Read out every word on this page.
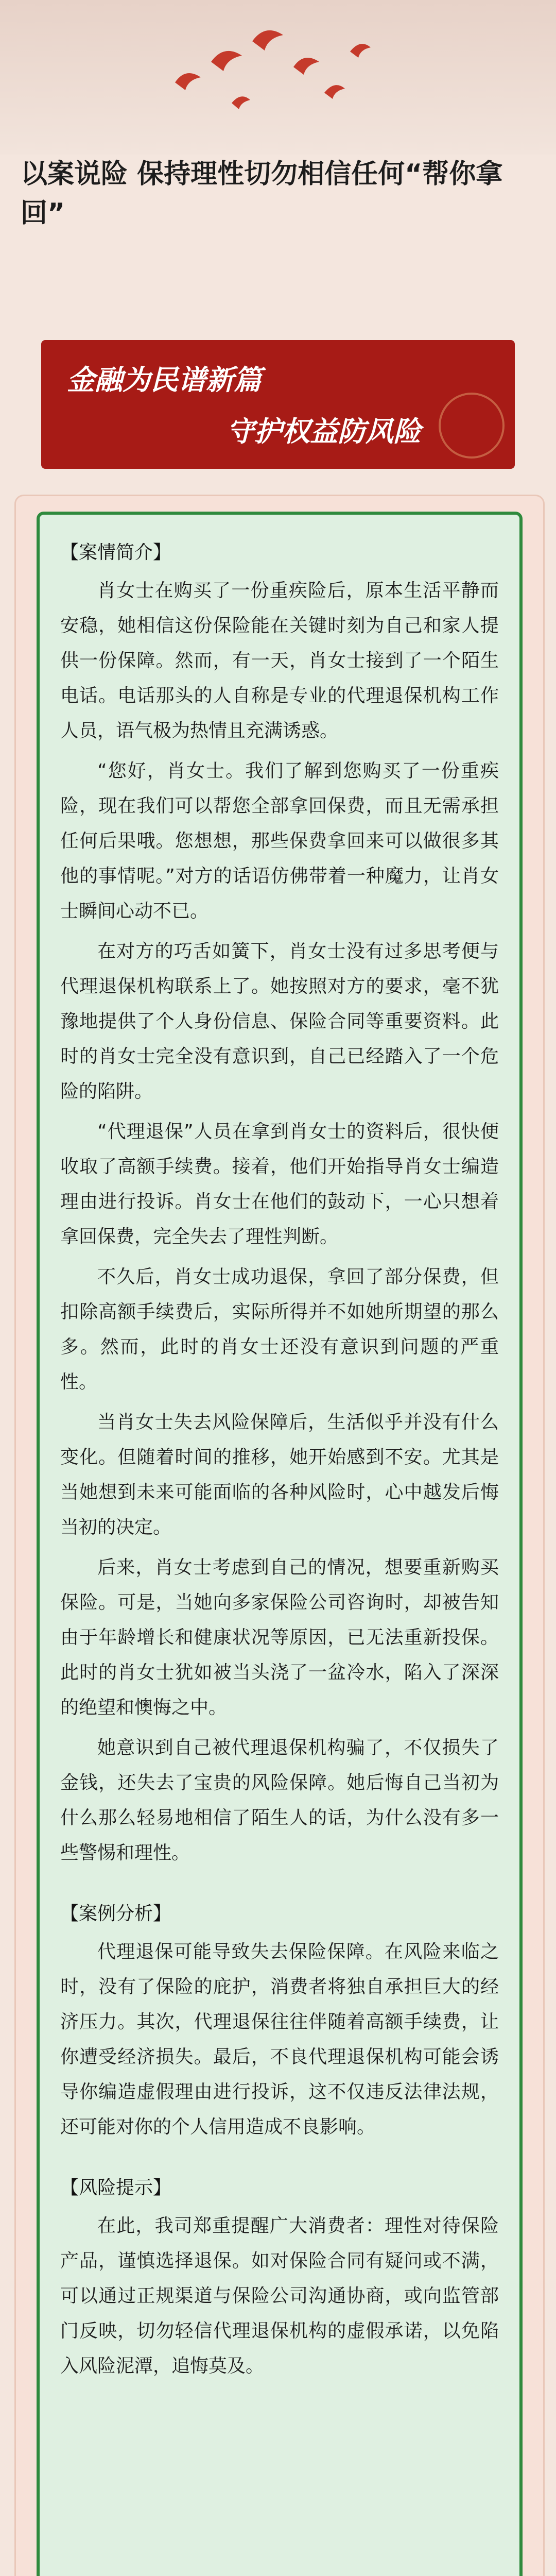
以案说险 保持理性切勿相信任何“帮你拿回”
金融为民谱新篇
守护权益防风险
【案情简介】

肖女士在购买了一份重疾险后，原本生活平静而安稳，她相信这份保险能在关键时刻为自己和家人提供一份保障。然而，有一天，肖女士接到了一个陌生电话。电话那头的人自称是专业的代理退保机构工作人员，语气极为热情且充满诱惑。

“您好，肖女士。我们了解到您购买了一份重疾险，现在我们可以帮您全部拿回保费，而且无需承担任何后果哦。您想想，那些保费拿回来可以做很多其他的事情呢。”对方的话语仿佛带着一种魔力，让肖女士瞬间心动不已。

在对方的巧舌如簧下，肖女士没有过多思考便与代理退保机构联系上了。她按照对方的要求，毫不犹豫地提供了个人身份信息、保险合同等重要资料。此时的肖女士完全没有意识到，自己已经踏入了一个危险的陷阱。

“代理退保”人员在拿到肖女士的资料后，很快便收取了高额手续费。接着，他们开始指导肖女士编造理由进行投诉。肖女士在他们的鼓动下，一心只想着拿回保费，完全失去了理性判断。

不久后，肖女士成功退保，拿回了部分保费，但扣除高额手续费后，实际所得并不如她所期望的那么多。然而，此时的肖女士还没有意识到问题的严重性。

当肖女士失去风险保障后，生活似乎并没有什么变化。但随着时间的推移，她开始感到不安。尤其是当她想到未来可能面临的各种风险时，心中越发后悔当初的决定。

后来，肖女士考虑到自己的情况，想要重新购买保险。可是，当她向多家保险公司咨询时，却被告知由于年龄增长和健康状况等原因，已无法重新投保。此时的肖女士犹如被当头浇了一盆冷水，陷入了深深的绝望和懊悔之中。

她意识到自己被代理退保机构骗了，不仅损失了金钱，还失去了宝贵的风险保障。她后悔自己当初为什么那么轻易地相信了陌生人的话，为什么没有多一些警惕和理性。

【案例分析】

代理退保可能导致失去保险保障。在风险来临之时，没有了保险的庇护，消费者将独自承担巨大的经济压力。其次，代理退保往往伴随着高额手续费，让你遭受经济损失。最后，不良代理退保机构可能会诱导你编造虚假理由进行投诉，这不仅违反法律法规，还可能对你的个人信用造成不良影响。

【风险提示】

在此，我司郑重提醒广大消费者：理性对待保险产品，谨慎选择退保。如对保险合同有疑问或不满，可以通过正规渠道与保险公司沟通协商，或向监管部门反映，切勿轻信代理退保机构的虚假承诺，以免陷入风险泥潭，追悔莫及。
